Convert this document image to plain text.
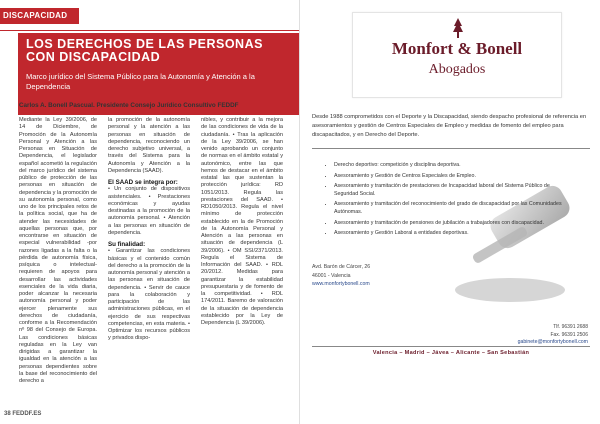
DISCAPACIDAD
LOS DERECHOS DE LAS PERSONAS CON DISCAPACIDAD
Marco jurídico del Sistema Público para la Autonomía y Atención a la Dependencia
Carlos A. Bonell Pascual. Presidente Consejo Jurídico Consultivo FEDDF

Mediante la Ley 39/2006, de 14 de Diciembre, de Promoción de la Autonomía Personal y Atención a las Personas en Situación de Dependencia, el legislador español acometió la regulación del marco jurídico del sistema público de protección de las personas en situación de dependencia y la promoción de su autonomía personal, como uno de los principales retos de la política social, que ha de atender las necesidades de aquellas personas que, por encontrarse en situación de especial vulnerabilidad -por razones ligadas a la falta o la pérdida de autonomía física, psíquica o intelectual- requieren de apoyos para desarrollar las actividades esenciales de la vida diaria, poder alcanzar la necesaria autonomía personal y poder ejercer plenamente sus derechos de ciudadanía, conforme a la Recomendación nº 98 del Consejo de Europa. Las condiciones básicas reguladas en la Ley van dirigidas a garantizar la igualdad en la atención a las personas dependientes sobre la base del reconocimiento del derecho a

la promoción de la autonomía personal y la atención a las personas en situación de dependencia, reconociendo un derecho subjetivo universal, a través del Sistema para la Autonomía y Atención a la Dependencia (SAAD).

El SAAD se integra por:

• Un conjunto de dispositivos asistenciales. • Prestaciones económicas y ayudas destinadas a la promoción de la autonomía personal. • Atención a las personas en situación de dependencia.

Su finalidad:

• Garantizar las condiciones básicas y el contenido común del derecho a la promoción de la autonomía personal y atención a las personas en situación de dependencia. • Servir de cauce para la colaboración y participación de las administraciones públicas, en el ejercicio de sus respectivas competencias, en esta materia. • Optimizar los recursos públicos y privados dispo-

nibles, y contribuir a la mejora de las condiciones de vida de la ciudadanía. • Tras la aplicación de la Ley 39/2006, se han venido aprobando un conjunto de normas en el ámbito estatal y autonómico, entre las que hemos de destacar en el ámbito estatal las que sustentan la protección jurídica: RD 1051/2013. Regula las prestaciones del SAAD. • RD1050/2013. Regula el nivel mínimo de protección establecido en la de Promoción de la Autonomía Personal y Atención a las personas en situación de dependencia (L 39/2006). • OM SSI/2371/2013. Regula el Sistema de Información del SAAD. • RDL 20/2012. Medidas para garantizar la estabilidad presupuestaria y de fomento de la competitividad. • RDL 174/2011. Baremo de valoración de la situación de dependencia establecido por la Ley de Dependencia (L 39/2006).

38 FEDDF.ES
Monfort & Bonell
Abogados
Desde 1988 comprometidos con el Deporte y la Discapacidad, siendo despacho profesional de referencia en asesoramientos y gestión de Centros Especiales de Empleo y medidas de fomento del empleo para discapacitados, y en Derecho del Deporte.
• Derecho deportivo: competición y disciplina deportiva.
• Asesoramiento y Gestión de Centros Especiales de Empleo.
• Asesoramiento y tramitación de prestaciones de Incapacidad laboral del Sistema Público de Seguridad Social.
• Asesoramiento y tramitación del reconocimiento del grado de discapacidad por las Comunidades Autónomas.
• Asesoramiento y tramitación de pensiones de jubilación a trabajadores con discapacidad.
• Asesoramiento y Gestión Laboral a entidades deportivas.
Avd. Barón de Cárcer, 26
46001 - Valencia
www.monfortybonell.com
Tlf. 96391 2688
Fax. 96391 2506
gabinete@monfortybonell.com
Valencia – Madrid – Jávea – Alicante – San Sebastián
